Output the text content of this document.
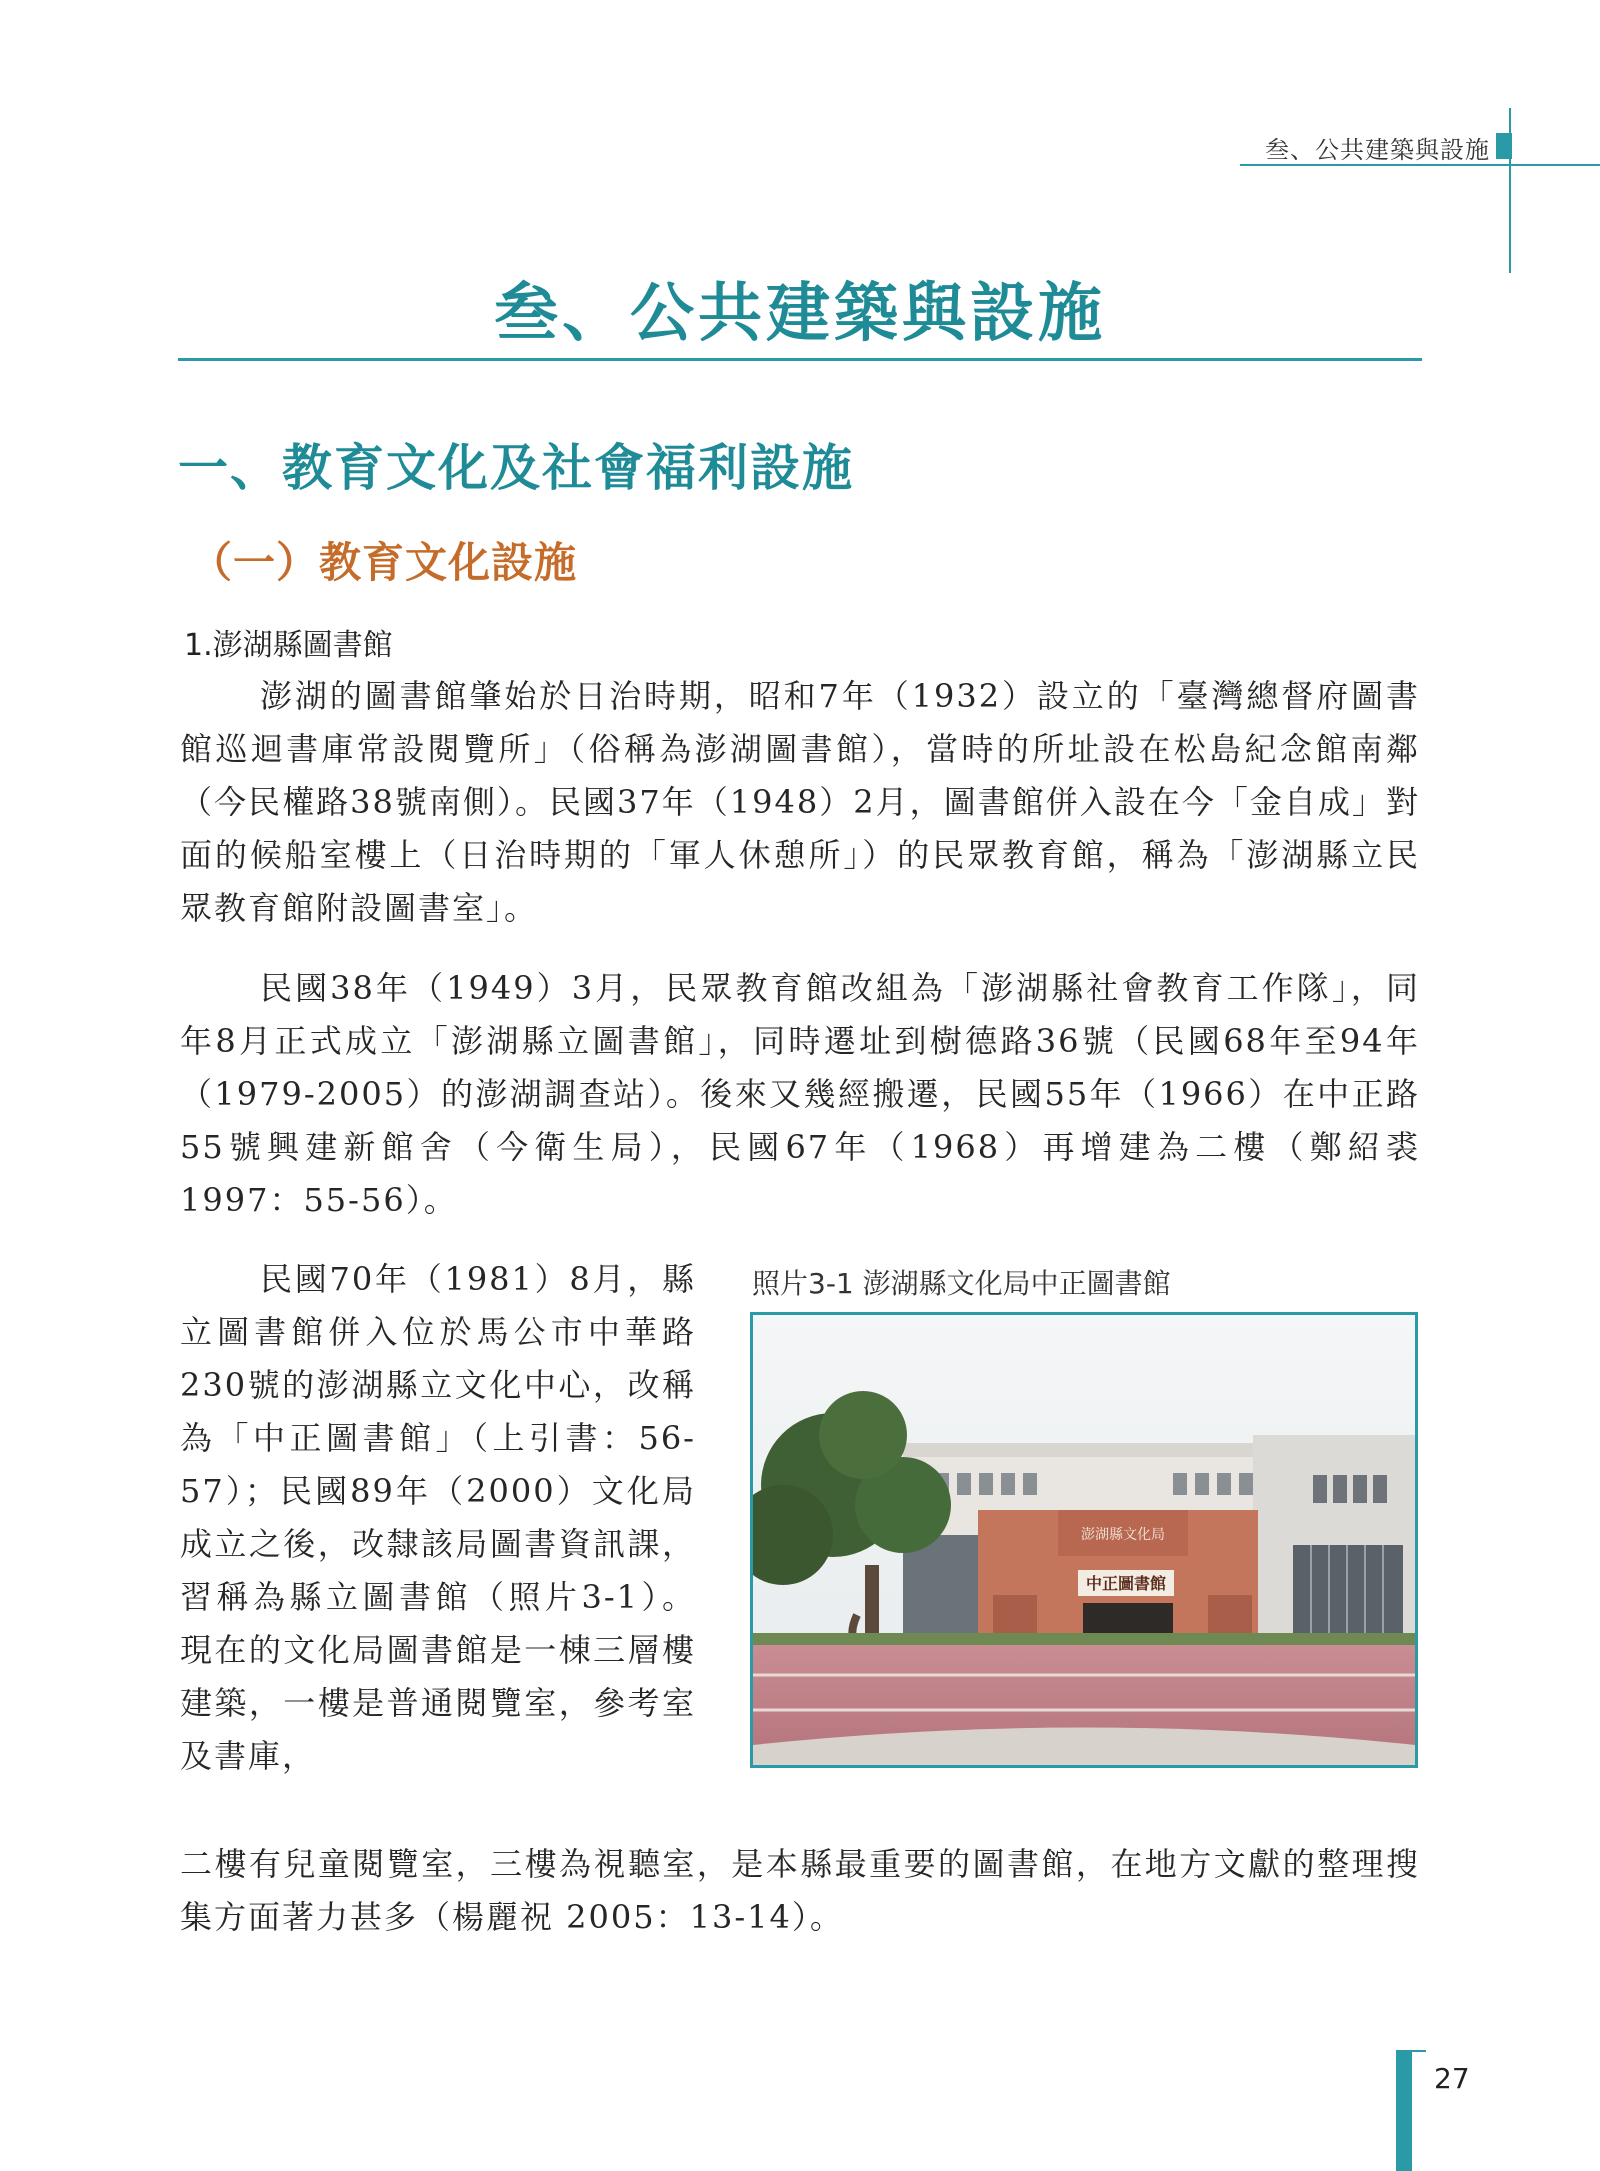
叁、公共建築與設施
叁、公共建築與設施
一、教育文化及社會福利設施
（一）教育文化設施
1.澎湖縣圖書館

澎湖的圖書館肇始於日治時期，昭和7年（1932）設立的「臺灣總督府圖書館巡迴書庫常設閱覽所」（俗稱為澎湖圖書館），當時的所址設在松島紀念館南鄰（今民權路38號南側）。民國37年（1948）2月，圖書館併入設在今「金自成」對面的候船室樓上（日治時期的「軍人休憩所」）的民眾教育館，稱為「澎湖縣立民眾教育館附設圖書室」。

民國38年（1949）3月，民眾教育館改組為「澎湖縣社會教育工作隊」，同年8月正式成立「澎湖縣立圖書館」，同時遷址到樹德路36號（民國68年至94年（1979-2005）的澎湖調查站）。後來又幾經搬遷，民國55年（1966）在中正路55號興建新館舍（今衛生局），民國67年（1968）再增建為二樓（鄭紹裘 1997：55-56）。

民國70年（1981）8月，縣立圖書館併入位於馬公市中華路230號的澎湖縣立文化中心，改稱為「中正圖書館」（上引書：56-57）；民國89年（2000）文化局成立之後，改隸該局圖書資訊課，習稱為縣立圖書館（照片3-1）。現在的文化局圖書館是一棟三層樓建築，一樓是普通閱覽室，參考室及書庫，

二樓有兒童閱覽室，三樓為視聽室，是本縣最重要的圖書館，在地方文獻的整理搜集方面著力甚多（楊麗祝 2005：13-14）。

照片3-1 澎湖縣文化局中正圖書館
澎湖縣文化局
中正圖書館
27
